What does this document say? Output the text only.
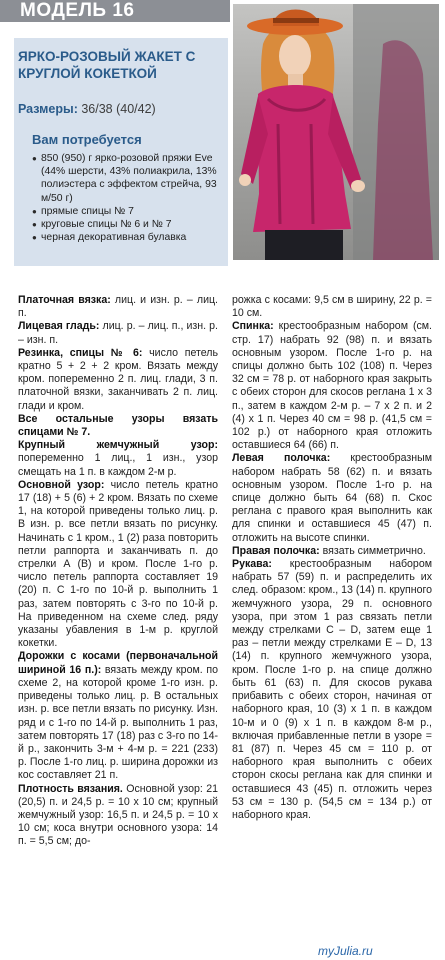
МОДЕЛЬ 16
ЯРКО-РОЗОВЫЙ ЖАКЕТ С КРУГЛОЙ КОКЕТКОЙ
Размеры: 36/38 (40/42)
Вам потребуется
● 850 (950) г ярко-розовой пряжи Eve (44% шерсти, 43% полиакрила, 13% полиэстера с эффектом стрейча, 93 м/50 г)
● прямые спицы № 7
● круговые спицы № 6 и № 7
● черная декоративная булавка

Платочная вязка: лиц. и изн. р. – лиц. п.

Лицевая гладь: лиц. р. – лиц. п., изн. р. – изн. п.

Резинка, спицы № 6: число петель кратно 5 + 2 + 2 кром. Вязать между кром. попеременно 2 п. лиц. глади, 3 п. платочной вязки, заканчивать 2 п. лиц. глади и кром.

Все остальные узоры вязать спицами № 7.

Крупный жемчужный узор: попеременно 1 лиц., 1 изн., узор смещать на 1 п. в каждом 2-м р.

Основной узор: число петель кратно 17 (18) + 5 (6) + 2 кром. Вязать по схеме 1, на которой приведены только лиц. р. В изн. р. все петли вязать по рисунку. Начинать с 1 кром., 1 (2) раза повторить петли раппорта и заканчивать п. до стрелки А (В) и кром. После 1-го р. число петель раппорта составляет 19 (20) п. С 1-го по 10-й р. выполнить 1 раз, затем повторять с 3-го по 10-й р. На приведенном на схеме след. ряду указаны убавления в 1-м р. круглой кокетки.

Дорожки с косами (первоначальной шириной 16 п.): вязать между кром. по схеме 2, на которой кроме 1-го изн. р. приведены только лиц. р. В остальных изн. р. все петли вязать по рисунку. Изн. ряд и с 1-го по 14-й р. выполнить 1 раз, затем повторять 17 (18) раз с 3-го по 14-й р., закончить 3-м + 4-м р. = 221 (233) р. После 1-го лиц. р. ширина дорожки из кос составляет 21 п.

Плотность вязания. Основной узор: 21 (20,5) п. и 24,5 р. = 10 х 10 см; крупный жемчужный узор: 16,5 п. и 24,5 р. = 10 х 10 см; коса внутри основного узора: 14 п. = 5,5 см; до-

рожка с косами: 9,5 см в ширину, 22 р. = 10 см.

Спинка: крестообразным набором (см. стр. 17) набрать 92 (98) п. и вязать основным узором. После 1-го р. на спицы должно быть 102 (108) п. Через 32 см = 78 р. от наборного края закрыть с обеих сторон для скосов реглана 1 х 3 п., затем в каждом 2-м р. – 7 х 2 п. и 2 (4) х 1 п. Через 40 см = 98 р. (41,5 см = 102 р.) от наборного края отложить оставшиеся 64 (66) п.

Левая полочка: крестообразным набором набрать 58 (62) п. и вязать основным узором. После 1-го р. на спице должно быть 64 (68) п. Скос реглана с правого края выполнить как для спинки и оставшиеся 45 (47) п. отложить на высоте спинки.

Правая полочка: вязать симметрично.

Рукава: крестообразным набором набрать 57 (59) п. и распределить их след. образом: кром., 13 (14) п. крупного жемчужного узора, 29 п. основного узора, при этом 1 раз связать петли между стрелками С – D, затем еще 1 раз – петли между стрелками Е – D, 13 (14) п. крупного жемчужного узора, кром. После 1-го р. на спице должно быть 61 (63) п. Для скосов рукава прибавить с обеих сторон, начиная от наборного края, 10 (3) х 1 п. в каждом 10-м и 0 (9) х 1 п. в каждом 8-м р., включая прибавленные петли в узоре = 81 (87) п. Через 45 см = 110 р. от наборного края выполнить с обеих сторон скосы реглана как для спинки и оставшиеся 43 (45) п. отложить через 53 см = 130 р. (54,5 см = 134 р.) от наборного края.

myJulia.ru
